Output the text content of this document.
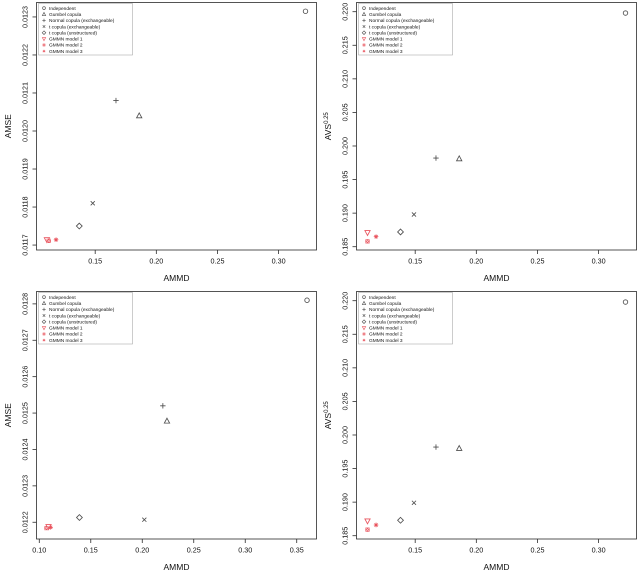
0.15	0.20	0.25	0.30
AMMD
0.0117
0.0118
0.0119
0.0120
0.0121
0.0122
0.0123
AMSE
Independent
Gumbel copula
Normal copula (exchangeable)
t copula (exchangeable)
t copula (unstructured)
GMMN model 1
GMMN model 2
GMMN model 3
0.15	0.20	0.25	0.30
AMMD
0.185
0.190
0.195
0.200
0.205
0.210
0.215
0.220
$AVS^{0.25}$
Independent
Gumbel copula
Normal copula (exchangeable)
t copula (exchangeable)
t copula (unstructured)
GMMN model 1
GMMN model 2
GMMN model 3
0.10	0.15	0.20	0.25	0.30	0.35
AMMD
0.0122
0.0123
0.0124
0.0125
0.0126
0.0127
0.0128
AMSE
Independent
Gumbel copula
Normal copula (exchangeable)
t copula (exchangeable)
t copula (unstructured)
GMMN model 1
GMMN model 2
GMMN model 3
0.15	0.20	0.25	0.30
AMMD
0.185
0.190
0.195
0.200
0.205
0.210
0.215
0.220
$AVS^{0.25}$
Independent
Gumbel copula
Normal copula (exchangeable)
t copula (exchangeable)
t copula (unstructured)
GMMN model 1
GMMN model 2
GMMN model 3
